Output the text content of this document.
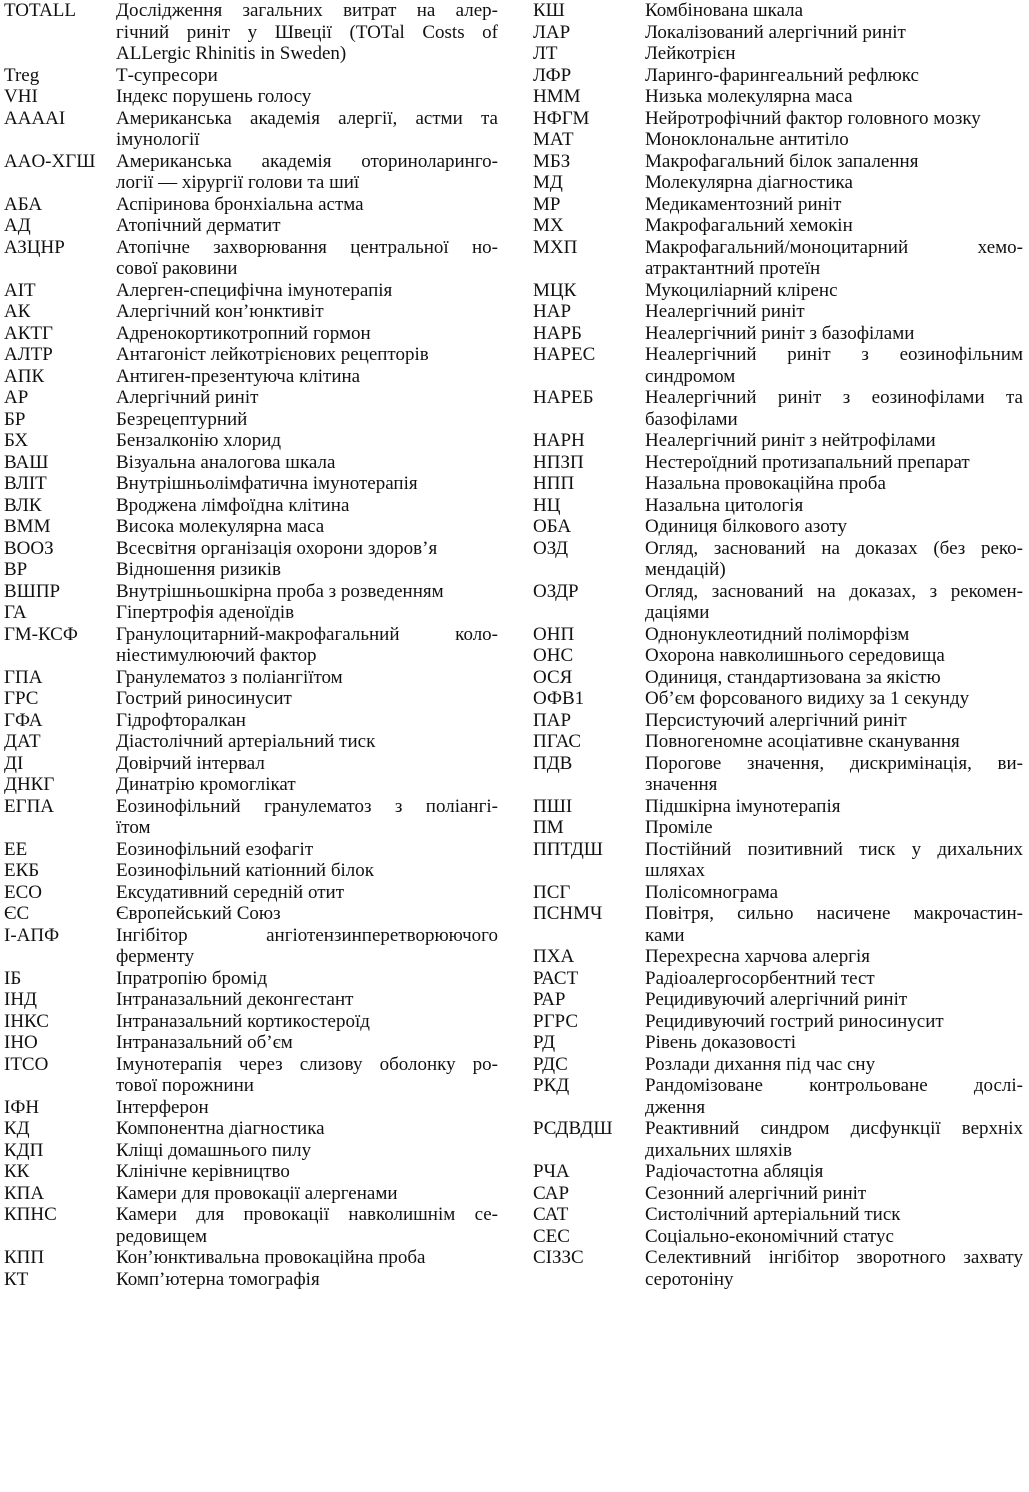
TOTALL	Дослідження загальних витрат на алер-
гічний риніт у Швеції (TOTal Costs of
ALLergic Rhinitis in Sweden)
Treg	Т-супресори
VHI	Індекс порушень голосу
AAAAI	Американська академія алергії, астми та
імунології
AAO-ХГШ	Американська академія оториноларинго-
логії — хірургії голови та шиї
АБА	Аспіринова бронхіальна астма
АД	Атопічний дерматит
АЗЦНР	Атопічне захворювання центральної но-
сової раковини
АІТ	Алерген-специфічна імунотерапія
АК	Алергічний кон’юнктивіт
АКТГ	Адренокортикотропний гормон
АЛТР	Антагоніст лейкотрієнових рецепторів
АПК	Антиген-презентуюча клітина
АР	Алергічний риніт
БР	Безрецептурний
БХ	Бензалконію хлорид
ВАШ	Візуальна аналогова шкала
ВЛІТ	Внутрішньолімфатична імунотерапія
ВЛК	Вроджена лімфоїдна клітина
ВММ	Висока молекулярна маса
ВООЗ	Всесвітня організація охорони здоров’я
ВР	Відношення ризиків
ВШПР	Внутрішньошкірна проба з розведенням
ГА	Гіпертрофія аденоїдів
ГМ-КСФ	Гранулоцитарний-макрофагальний коло-
ніестимулюючий фактор
ГПА	Гранулематоз з поліангіїтом
ГРС	Гострий риносинусит
ГФА	Гідрофторалкан
ДАТ	Діастолічний артеріальний тиск
ДІ	Довірчий інтервал
ДНКГ	Динатрію кромоглікат
ЕГПА	Еозинофільний гранулематоз з поліангі-
їтом
ЕЕ	Еозинофільний езофагіт
ЕКБ	Еозинофільний катіонний білок
ЕСО	Ексудативний середній отит
ЄС	Європейський Союз
І-АПФ	Інгібітор ангіотензинперетворюючого
ферменту
ІБ	Іпратропію бромід
ІНД	Інтраназальний деконгестант
ІНКС	Інтраназальний кортикостероїд
ІНО	Інтраназальний об’єм
ІТСО	Імунотерапія через слизову оболонку ро-
тової порожнини
ІФН	Інтерферон
КД	Компонентна діагностика
КДП	Кліщі домашнього пилу
КК	Клінічне керівництво
КПА	Камери для провокації алергенами
КПНС	Камери для провокації навколишнім се-
редовищем
КПП	Кон’юнктивальна провокаційна проба
КТ	Комп’ютерна томографія
КШ	Комбінована шкала
ЛАР	Локалізований алергічний риніт
ЛТ	Лейкотрієн
ЛФР	Ларинго-фарингеальний рефлюкс
НММ	Низька молекулярна маса
НФГМ	Нейротрофічний фактор головного мозку
МАТ	Моноклональне антитіло
МБЗ	Макрофагальний білок запалення
МД	Молекулярна діагностика
МР	Медикаментозний риніт
МХ	Макрофагальний хемокін
МХП	Макрофагальний/моноцитарний хемо-
атрактантний протеїн
МЦК	Мукоциліарний кліренс
НАР	Неалергічний риніт
НАРБ	Неалергічний риніт з базофілами
НАРЕС	Неалергічний риніт з еозинофільним
синдромом
НАРЕБ	Неалергічний риніт з еозинофілами та
базофілами
НАРН	Неалергічний риніт з нейтрофілами
НПЗП	Нестероїдний протизапальний препарат
НПП	Назальна провокаційна проба
НЦ	Назальна цитологія
ОБА	Одиниця білкового азоту
ОЗД	Огляд, заснований на доказах (без реко-
мендацій)
ОЗДР	Огляд, заснований на доказах, з рекомен-
даціями
ОНП	Однонуклеотидний поліморфізм
ОНС	Охорона навколишнього середовища
ОСЯ	Одиниця, стандартизована за якістю
ОФВ1	Об’єм форсованого видиху за 1 секунду
ПАР	Персистуючий алергічний риніт
ПГАС	Повногеномне асоціативне сканування
ПДВ	Порогове значення, дискримінація, ви-
значення
ПШІ	Підшкірна імунотерапія
ПМ	Проміле
ППТДШ	Постійний позитивний тиск у дихальних
шляхах
ПСГ	Полісомнограма
ПСНМЧ	Повітря, сильно насичене макрочастин-
ками
ПХА	Перехресна харчова алергія
РАСТ	Радіоалергосорбентний тест
РАР	Рецидивуючий алергічний риніт
РГРС	Рецидивуючий гострий риносинусит
РД	Рівень доказовості
РДС	Розлади дихання під час сну
РКД	Рандомізоване контрольоване дослі-
дження
РСДВДШ	Реактивний синдром дисфункції верхніх
дихальних шляхів
РЧА	Радіочастотна абляція
САР	Сезонний алергічний риніт
САТ	Систолічний артеріальний тиск
СЕС	Соціально-економічний статус
СІЗЗС	Селективний інгібітор зворотного захвату
серотоніну
